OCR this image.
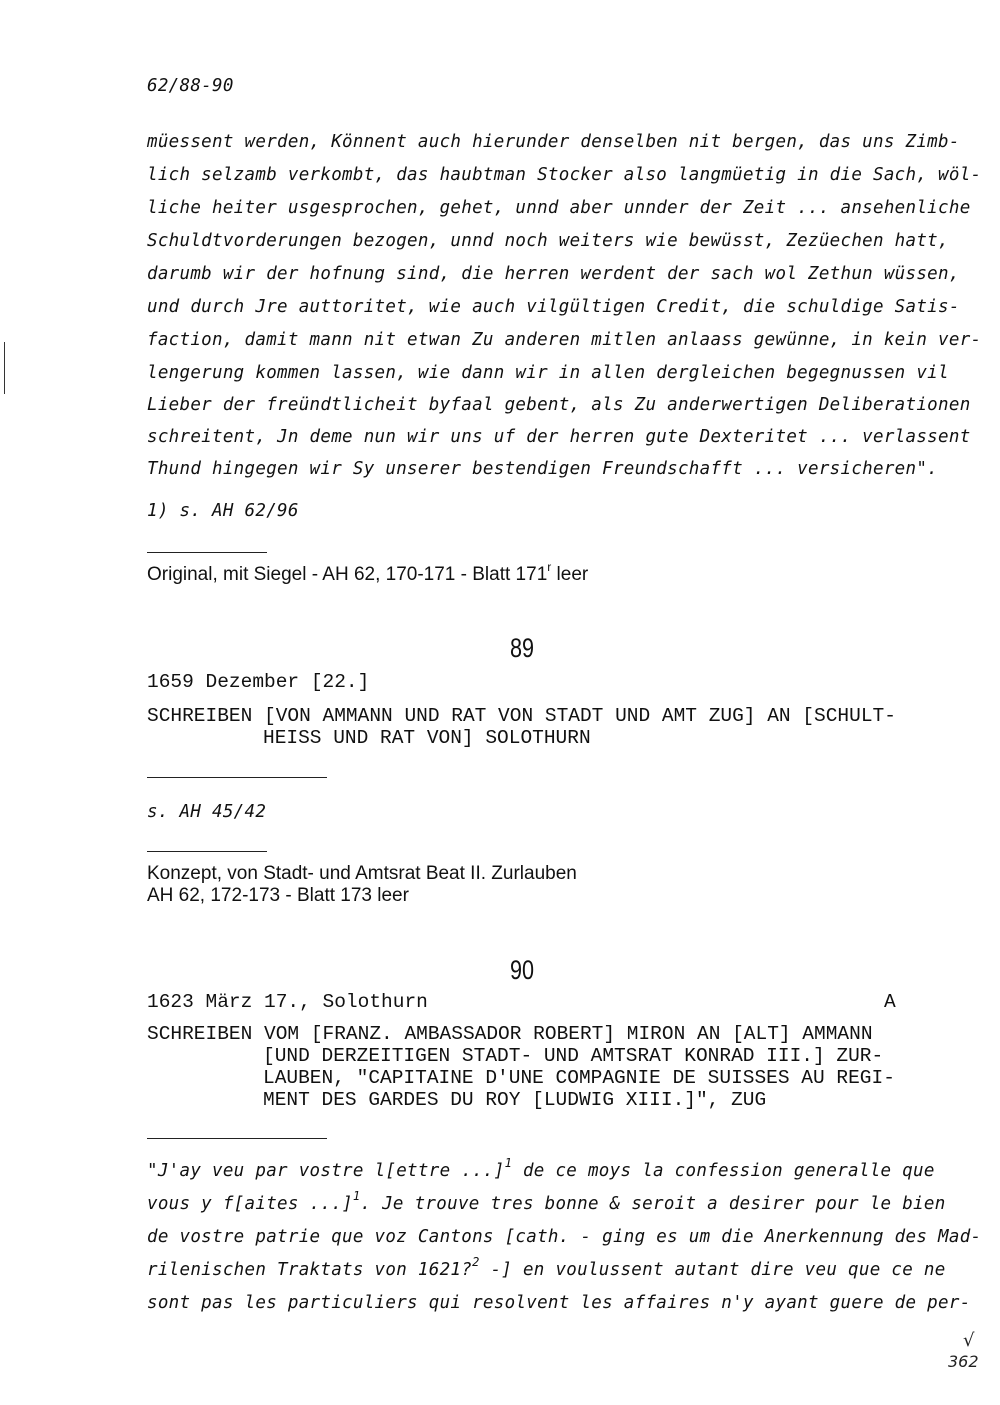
62/88-90
müessent werden, Könnent auch hierunder denselben nit bergen, das uns Zimb-
lich selzamb verkombt, das haubtman Stocker also langmüetig in die Sach, wöl-
liche heiter usgesprochen, gehet, unnd aber unnder der Zeit ... ansehenliche
Schuldtvorderungen bezogen, unnd noch weiters wie bewüsst, Zezüechen hatt,
darumb wir der hofnung sind, die herren werdent der sach wol Zethun wüssen,
und durch Jre auttoritet, wie auch vilgültigen Credit, die schuldige Satis-
faction, damit mann nit etwan Zu anderen mitlen anlaass gewünne, in kein ver-
lengerung kommen lassen, wie dann wir in allen dergleichen begegnussen vil
Lieber der freündtlicheit byfaal gebent, als Zu anderwertigen Deliberationen
schreitent, Jn deme nun wir uns uf der herren gute Dexteritet ... verlassent
Thund hingegen wir Sy unserer bestendigen Freundschafft ... versicheren".
1) s. AH 62/96
Original, mit Siegel - AH 62, 170-171 - Blatt 171$^r$ leer
89
1659 Dezember [22.]
SCHREIBEN [VON AMMANN UND RAT VON STADT UND AMT ZUG] AN [SCHULT-
HEISS UND RAT VON] SOLOTHURN
s. AH 45/42
Konzept, von Stadt- und Amtsrat Beat II. Zurlauben
AH 62, 172-173 - Blatt 173 leer
90
1623 März 17., Solothurn	A
SCHREIBEN VOM [FRANZ. AMBASSADOR ROBERT] MIRON AN [ALT] AMMANN
[UND DERZEITIGEN STADT- UND AMTSRAT KONRAD III.] ZUR-
LAUBEN, "CAPITAINE D'UNE COMPAGNIE DE SUISSES AU REGI-
MENT DES GARDES DU ROY [LUDWIG XIII.]", ZUG
"J'ay veu par vostre l[ettre ...]$^1$ de ce moys la confession generalle que
vous y f[aites ...]$^1$. Je trouve tres bonne & seroit a desirer pour le bien
de vostre patrie que voz Cantons [cath. - ging es um die Anerkennung des Mad-
rilenischen Traktats von 1621?$^2$ -] en voulussent autant dire veu que ce ne
sont pas les particuliers qui resolvent les affaires n'y ayant guere de per-
√
362
